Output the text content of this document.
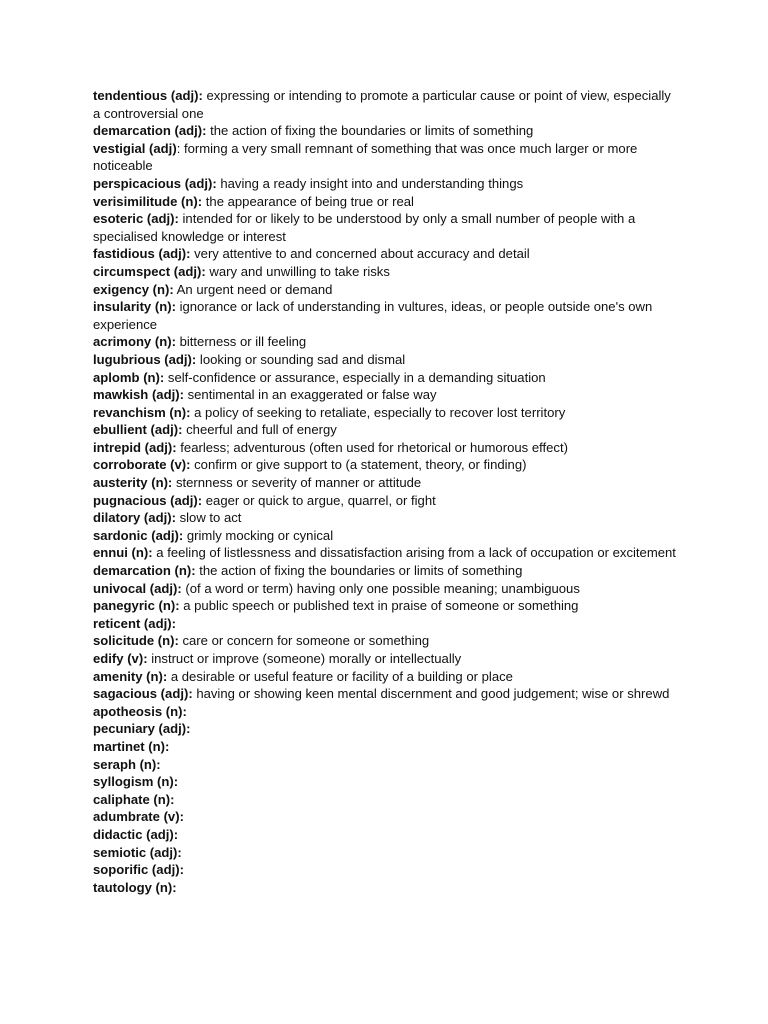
tendentious (adj): expressing or intending to promote a particular cause or point of view, especially a controversial one

demarcation (adj): the action of fixing the boundaries or limits of something

vestigial (adj): forming a very small remnant of something that was once much larger or more noticeable

perspicacious (adj): having a ready insight into and understanding things

verisimilitude (n): the appearance of being true or real

esoteric (adj): intended for or likely to be understood by only a small number of people with a specialised knowledge or interest

fastidious (adj): very attentive to and concerned about accuracy and detail

circumspect (adj): wary and unwilling to take risks

exigency (n): An urgent need or demand

insularity (n): ignorance or lack of understanding in vultures, ideas, or people outside one's own experience

acrimony (n): bitterness or ill feeling

lugubrious (adj): looking or sounding sad and dismal

aplomb (n): self-confidence or assurance, especially in a demanding situation

mawkish (adj): sentimental in an exaggerated or false way

revanchism (n): a policy of seeking to retaliate, especially to recover lost territory

ebullient (adj): cheerful and full of energy

intrepid (adj): fearless; adventurous (often used for rhetorical or humorous effect)

corroborate (v): confirm or give support to (a statement, theory, or finding)

austerity (n): sternness or severity of manner or attitude

pugnacious (adj): eager or quick to argue, quarrel, or fight

dilatory (adj): slow to act

sardonic (adj): grimly mocking or cynical

ennui (n): a feeling of listlessness and dissatisfaction arising from a lack of occupation or excitement

demarcation (n): the action of fixing the boundaries or limits of something

univocal (adj): (of a word or term) having only one possible meaning; unambiguous

panegyric (n): a public speech or published text in praise of someone or something

reticent (adj):

solicitude (n): care or concern for someone or something

edify (v): instruct or improve (someone) morally or intellectually

amenity (n): a desirable or useful feature or facility of a building or place

sagacious (adj): having or showing keen mental discernment and good judgement; wise or shrewd

apotheosis (n):

pecuniary (adj):

martinet (n):

seraph (n):

syllogism (n):

caliphate (n):

adumbrate (v):

didactic (adj):

semiotic (adj):

soporific (adj):

tautology (n):
